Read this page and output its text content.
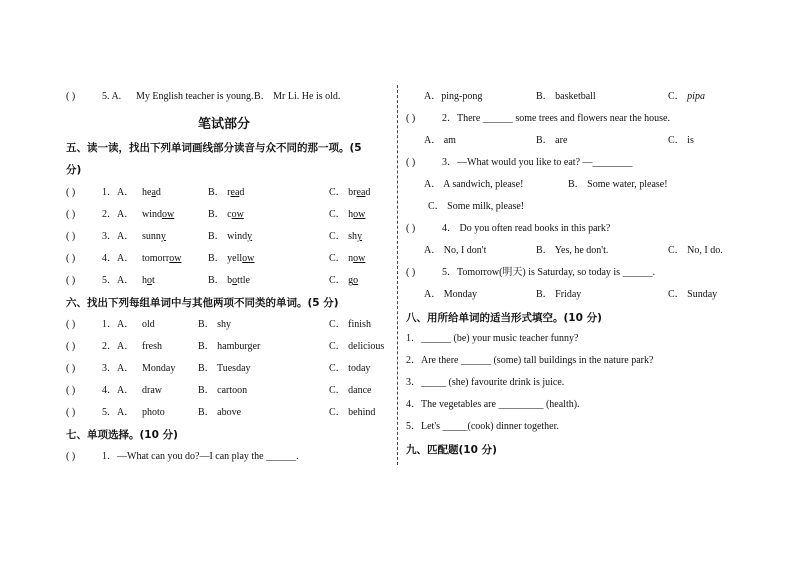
( )	5. A. My English teacher is young. B． Mr Li. He is old.
笔试部分
五、读一读，找出下列单词画线部分读音与众不同的那一项。(5
分)
( )	1．A． head	B． read	C． bread
( )	2．A． window	B． cow	C． how
( )	3．A． sunny	B． windy	C． shy
( )	4．A． tomorrow	B． yellow	C． now
( )	5．A． hot	B． bottle	C． go
六、找出下列每组单词中与其他两项不同类的单词。(5 分)
( )	1．A． old	B． shy	C． finish
( )	2．A． fresh	B． hamburger	C． delicious
( )	3．A． Monday B． Tuesday	C． today
( )	4．A． draw	B． cartoon	C． dance
( )	5．A． photo	B． above	C． behind
七、单项选择。(10 分)
( )	1．—What can you do?—I can play the ______.
A．ping-pong	B． basketball	C． pipa
( )	2．There ______ some trees and flowers near the house.
A． am	B． are	C． is
( )	3．—What would you like to eat? —________
A． A sandwich, please!	B． Some water, please!
C． Some milk, please!
( )	4． Do you often read books in this park?
A． No, I don't	B． Yes, he don't.	C． No, I do.
( )	5．Tomorrow(明天) is Saturday, so today is ______.
A． Monday	B． Friday	C． Sunday
八、用所给单词的适当形式填空。(10 分)
1．______ (be) your music teacher funny?
2．Are there ______ (some) tall buildings in the nature park?
3．_____ (she) favourite drink is juice.
4．The vegetables are _________ (health).
5．Let's _____(cook) dinner together.
九、匹配题(10 分)
